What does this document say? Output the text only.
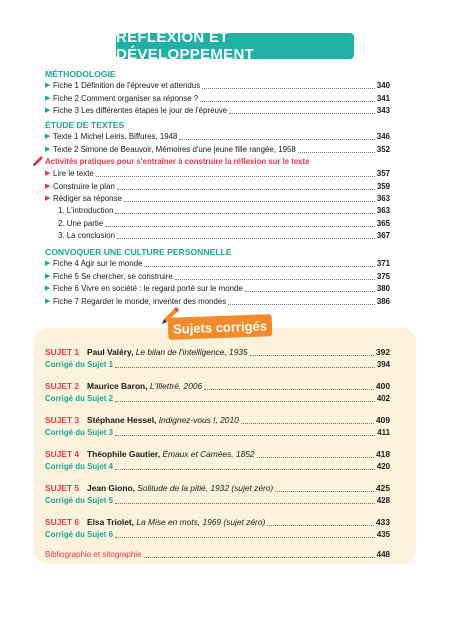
RÉFLEXION ET DÉVELOPPEMENT
MÉTHODOLOGIE
▶ Fiche 1 Définition de l'épreuve et attendus	340
▶ Fiche 2 Comment organiser sa réponse ?	341
▶ Fiche 3 Les différentes étapes le jour de l'épreuve	343
ÉTUDE DE TEXTES
▶ Texte 1 Michel Leiris, Biffures, 1948	346
▶ Texte 2 Simone de Beauvoir, Mémoires d'une jeune fille rangée, 1958	352
Activités pratiques pour s'entraîner à construire la réflexion sur le texte
▶ Lire le texte	357
▶ Construire le plan	359
▶ Rédiger sa réponse	363
1. L'introduction	363
2. Une partie	365
3. La conclusion	367
CONVOQUER UNE CULTURE PERSONNELLE
▶ Fiche 4 Agir sur le monde	371
▶ Fiche 5 Se chercher, se construire	375
▶ Fiche 6 Vivre en société : le regard porté sur le monde	380
▶ Fiche 7 Regarder le monde, inventer des mondes	386
Sujets corrigés
SUJET 1 Paul Valéry, Le bilan de l'intelligence, 1935	392
Corrigé du Sujet 1	394
SUJET 2 Maurice Baron, L'Illettré, 2006	400
Corrigé du Sujet 2	402
SUJET 3 Stéphane Hessel, Indignez-vous !, 2010	409
Corrigé du Sujet 3	411
SUJET 4 Théophile Gautier, Émaux et Camées, 1852	418
Corrigé du Sujet 4	420
SUJET 5 Jean Giono, Solitude de la pitié, 1932 (sujet zéro)	425
Corrigé du Sujet 5	428
SUJET 6 Elsa Triolet, La Mise en mots, 1969 (sujet zéro)	433
Corrigé du Sujet 6	435
Bibliographie et sitographie	448
